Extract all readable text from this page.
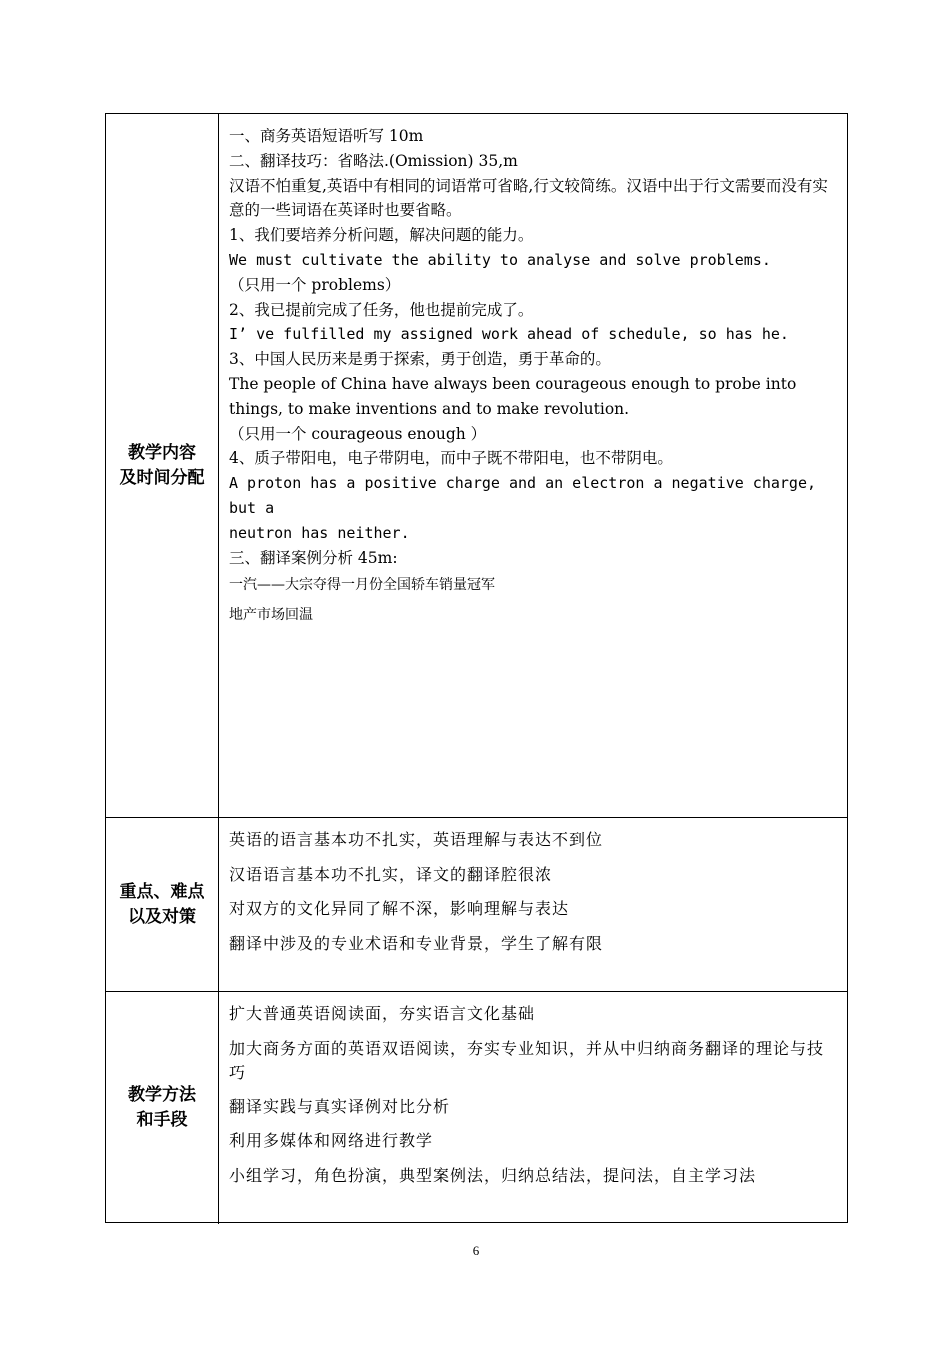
教学内容
及时间分配
一、商务英语短语听写 10m
二、翻译技巧：省略法.(Omission) 35,m
汉语不怕重复,英语中有相同的词语常可省略,行文较简练。汉语中出于行文需要而没有实意的一些词语在英译时也要省略。
1、我们要培养分析问题，解决问题的能力。
We must cultivate the ability to analyse and solve problems.
（只用一个 problems）
2、我已提前完成了任务，他也提前完成了。
I’ ve fulfilled my assigned work ahead of schedule, so has he.
3、中国人民历来是勇于探索，勇于创造，勇于革命的。
The people of China have always been courageous enough to probe into things, to make inventions and to make revolution.
（只用一个 courageous enough ）
4、质子带阳电，电子带阴电，而中子既不带阳电，也不带阴电。
A proton has a positive charge and an electron a negative charge, but a
neutron has neither.
三、翻译案例分析 45m:
一汽——大宗夺得一月份全国轿车销量冠军
地产市场回温
重点、难点
以及对策
英语的语言基本功不扎实，英语理解与表达不到位
汉语语言基本功不扎实，译文的翻译腔很浓
对双方的文化异同了解不深，影响理解与表达
翻译中涉及的专业术语和专业背景，学生了解有限
教学方法
和手段
扩大普通英语阅读面，夯实语言文化基础
加大商务方面的英语双语阅读，夯实专业知识，并从中归纳商务翻译的理论与技巧
翻译实践与真实译例对比分析
利用多媒体和网络进行教学
小组学习，角色扮演，典型案例法，归纳总结法，提问法，自主学习法
6
